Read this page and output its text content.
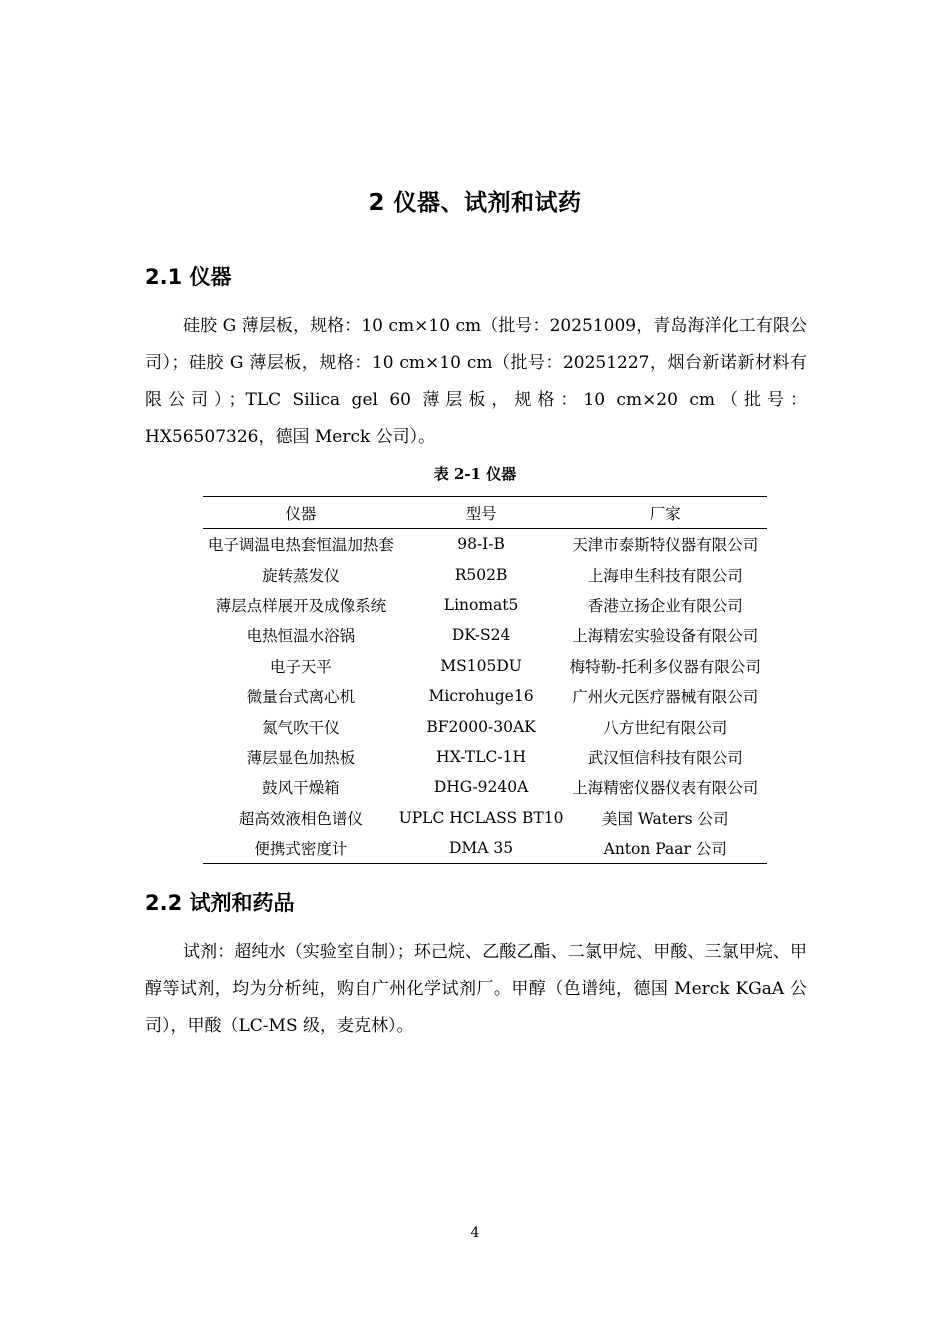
2 仪器、试剂和试药
2.1 仪器
硅胶 G 薄层板，规格：10 cm×10 cm（批号：20251009，青岛海洋化工有限公司）；硅胶 G 薄层板，规格：10 cm×10 cm（批号：20251227，烟台新诺新材料有限公司）；TLC Silica gel 60 薄层板，规格：10 cm×20 cm（批号：HX56507326，德国 Merck 公司）。
表 2-1 仪器
仪器	型号	厂家
电子调温电热套恒温加热套	98-I-B	天津市泰斯特仪器有限公司
旋转蒸发仪	R502B	上海申生科技有限公司
薄层点样展开及成像系统	Linomat5	香港立扬企业有限公司
电热恒温水浴锅	DK-S24	上海精宏实验设备有限公司
电子天平	MS105DU	梅特勒-托利多仪器有限公司
微量台式离心机	Microhuge16	广州火元医疗器械有限公司
氮气吹干仪	BF2000-30AK	八方世纪有限公司
薄层显色加热板	HX-TLC-1H	武汉恒信科技有限公司
鼓风干燥箱	DHG-9240A	上海精密仪器仪表有限公司
超高效液相色谱仪	UPLC HCLASS BT10	美国 Waters 公司
便携式密度计	DMA 35	Anton Paar 公司
2.2 试剂和药品
试剂：超纯水（实验室自制）；环己烷、乙酸乙酯、二氯甲烷、甲酸、三氯甲烷、甲醇等试剂，均为分析纯，购自广州化学试剂厂。甲醇（色谱纯，德国 Merck KGaA 公司），甲酸（LC-MS 级，麦克林）。
4
